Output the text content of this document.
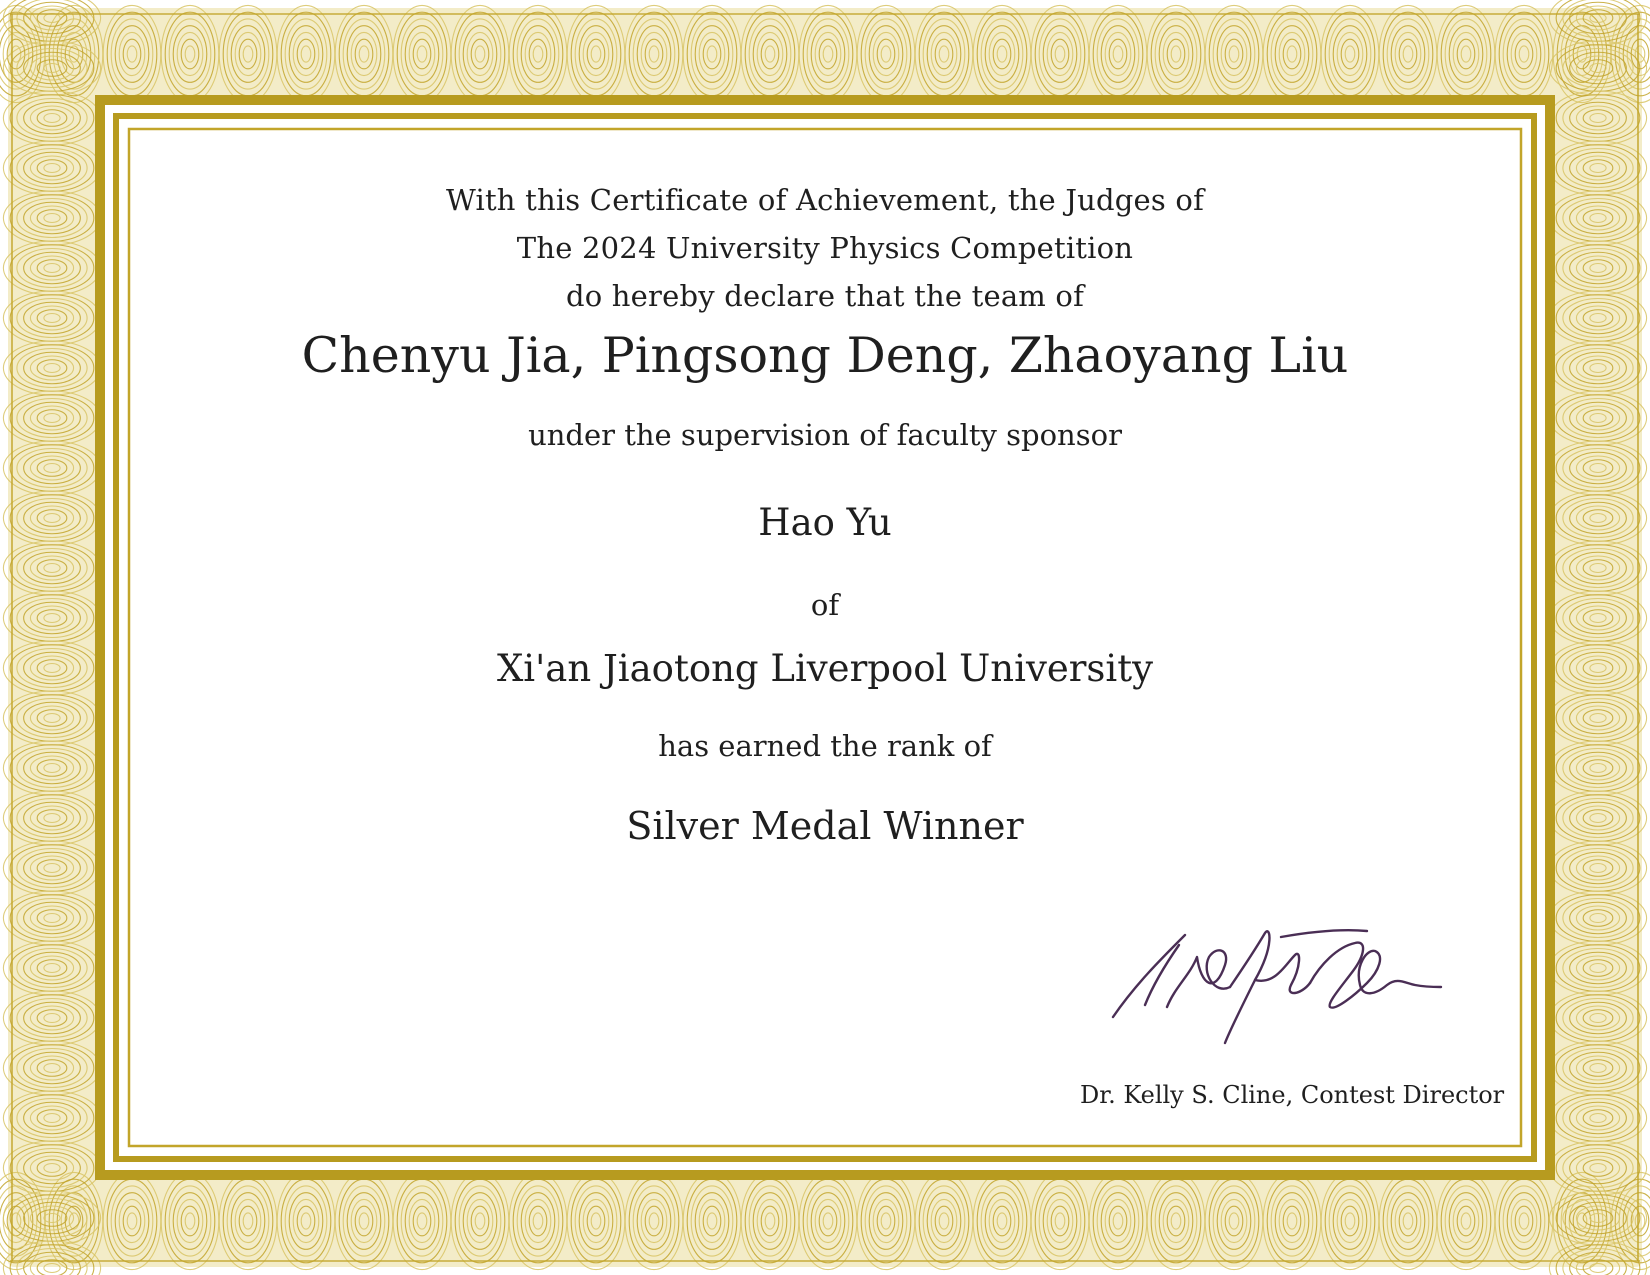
With this Certificate of Achievement, the Judges of
The 2024 University Physics Competition
do hereby declare that the team of
Chenyu Jia, Pingsong Deng, Zhaoyang Liu
under the supervision of faculty sponsor
Hao Yu
of
Xi'an Jiaotong Liverpool University
has earned the rank of
Silver Medal Winner
Dr. Kelly S. Cline, Contest Director
